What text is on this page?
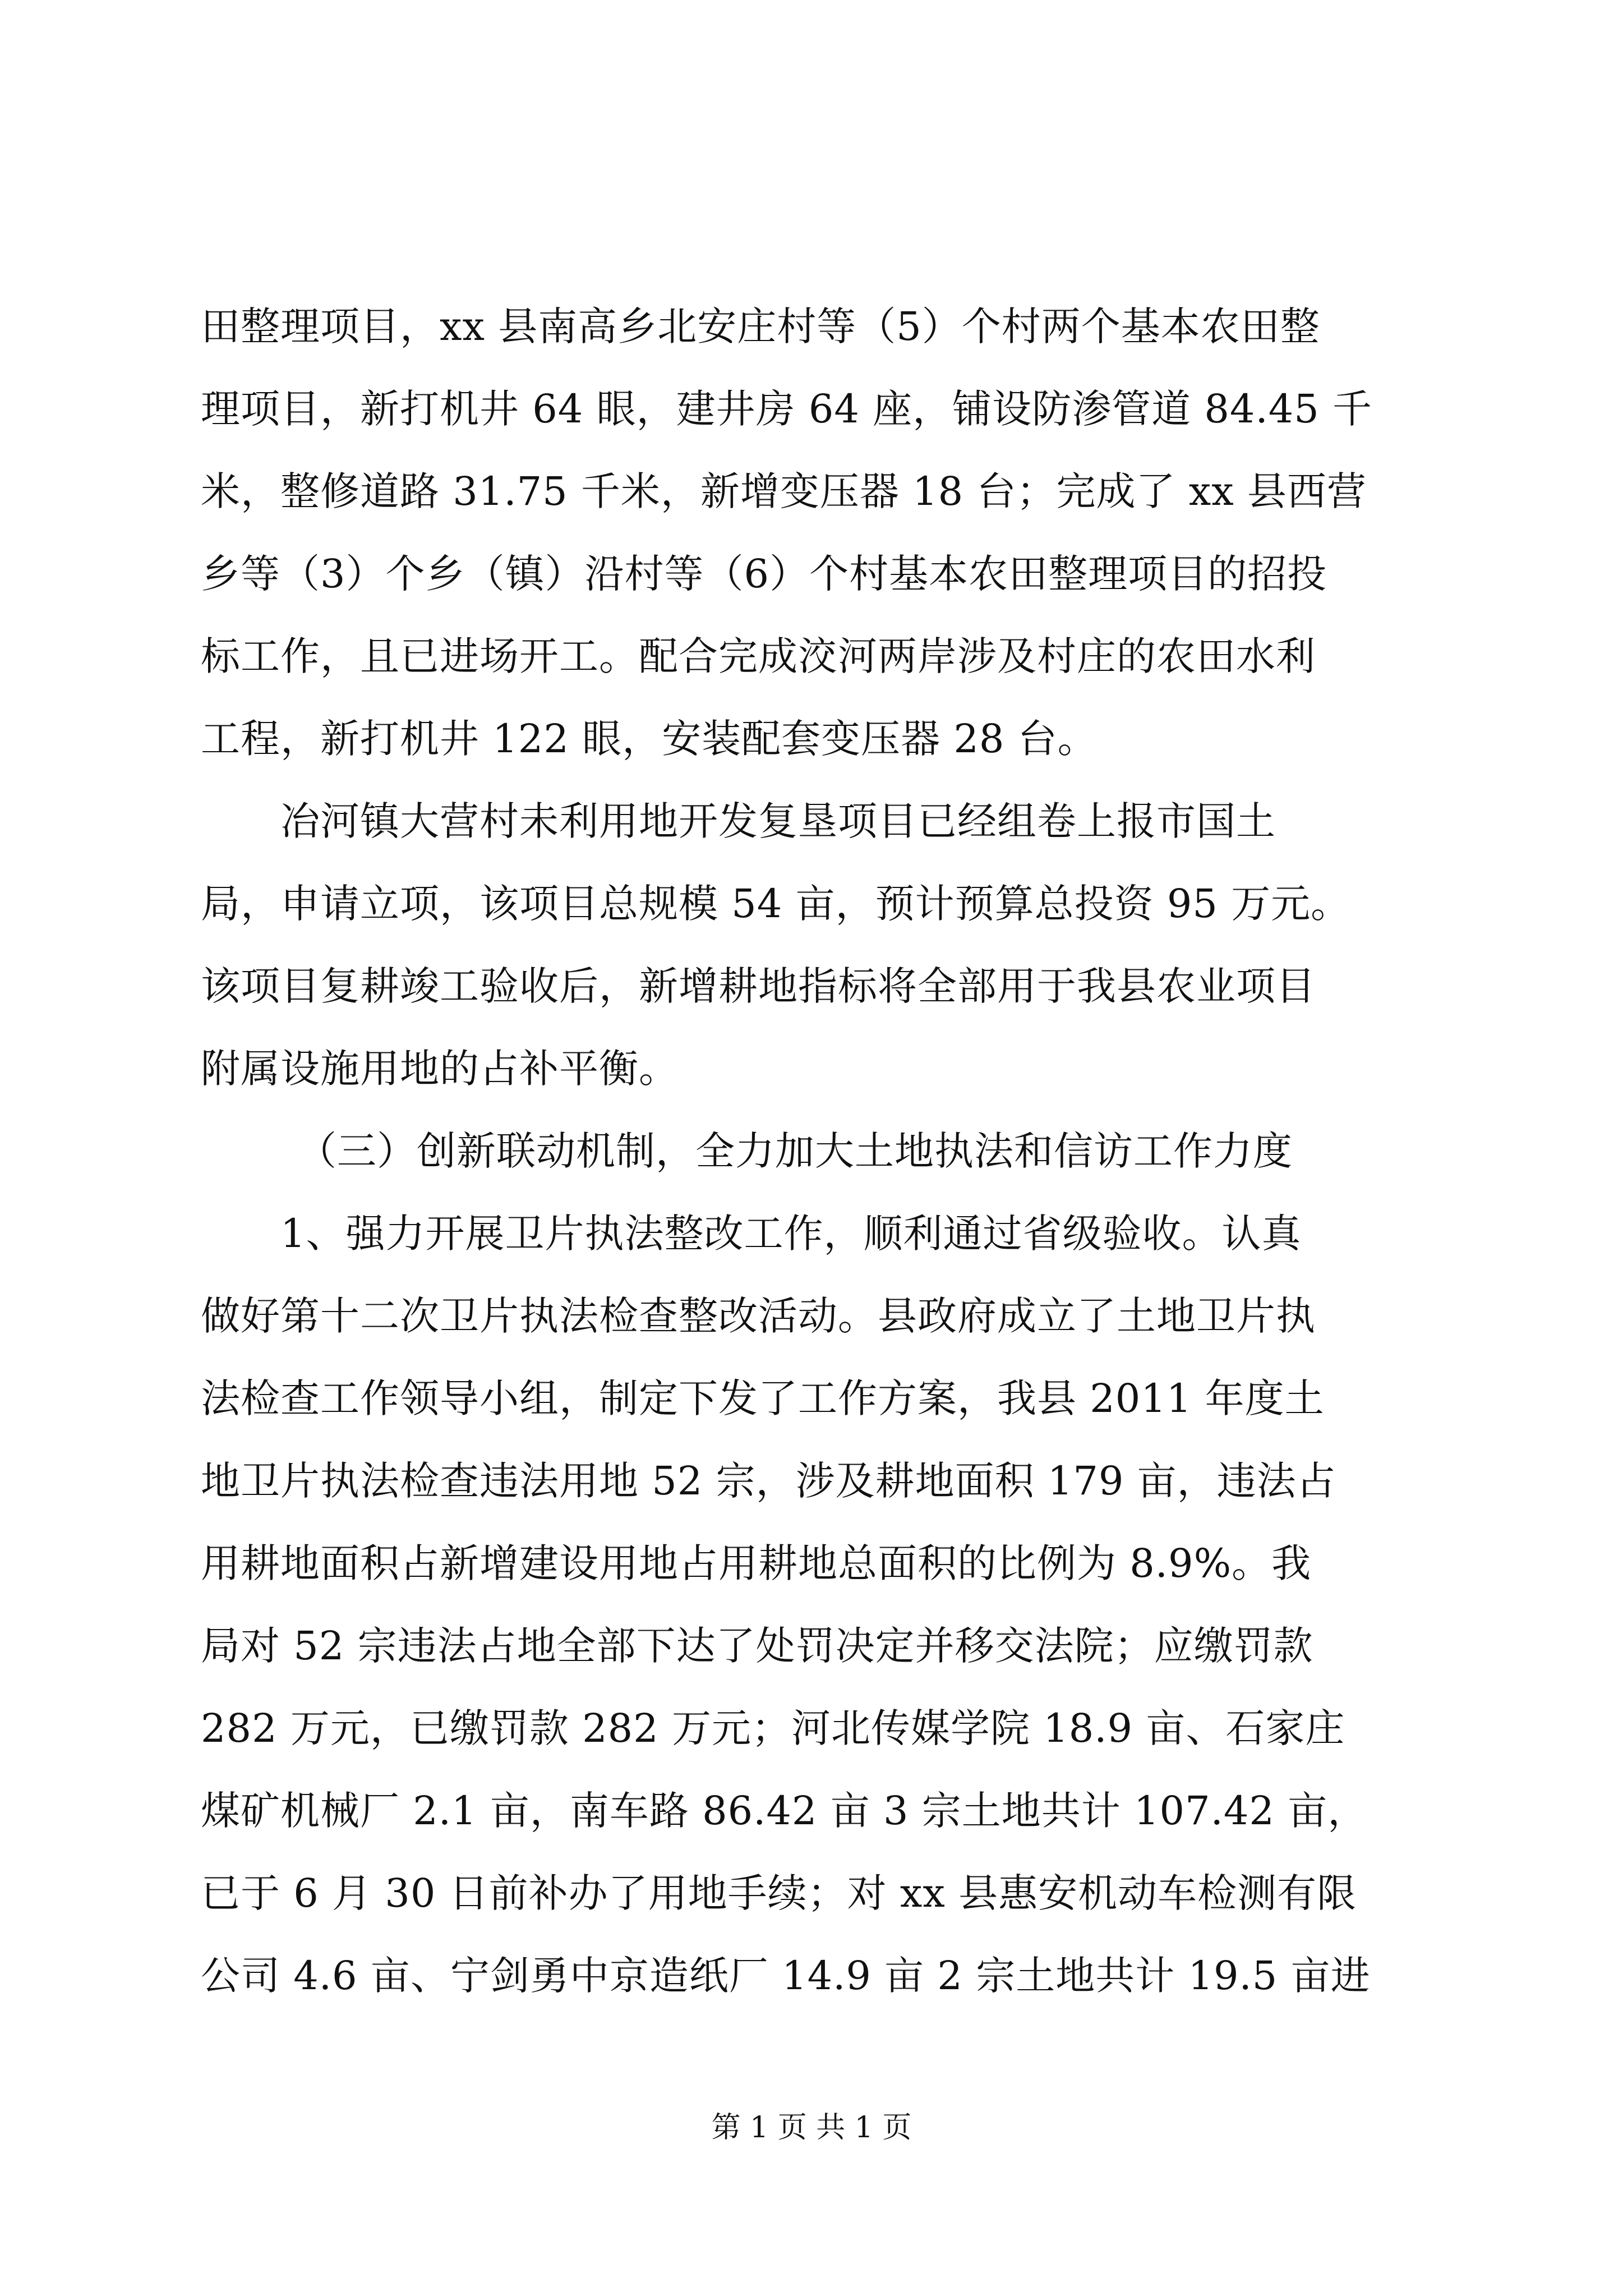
田整理项目，xx 县南高乡北安庄村等（5）个村两个基本农田整
理项目，新打机井 64 眼，建井房 64 座，铺设防渗管道 84.45 千
米，整修道路 31.75 千米，新增变压器 18 台；完成了 xx 县西营
乡等（3）个乡（镇）沿村等（6）个村基本农田整理项目的招投
标工作，且已进场开工。配合完成洨河两岸涉及村庄的农田水利
工程，新打机井 122 眼，安装配套变压器 28 台。
冶河镇大营村未利用地开发复垦项目已经组卷上报市国土
局，申请立项，该项目总规模 54 亩，预计预算总投资 95 万元。
该项目复耕竣工验收后，新增耕地指标将全部用于我县农业项目
附属设施用地的占补平衡。
（三）创新联动机制，全力加大土地执法和信访工作力度
1、强力开展卫片执法整改工作，顺利通过省级验收。认真
做好第十二次卫片执法检查整改活动。县政府成立了土地卫片执
法检查工作领导小组，制定下发了工作方案，我县 2011 年度土
地卫片执法检查违法用地 52 宗，涉及耕地面积 179 亩，违法占
用耕地面积占新增建设用地占用耕地总面积的比例为 8.9%。我
局对 52 宗违法占地全部下达了处罚决定并移交法院；应缴罚款
282 万元，已缴罚款 282 万元；河北传媒学院 18.9 亩、石家庄
煤矿机械厂 2.1 亩，南车路 86.42 亩 3 宗土地共计 107.42 亩，
已于 6 月 30 日前补办了用地手续；对 xx 县惠安机动车检测有限
公司 4.6 亩、宁剑勇中京造纸厂 14.9 亩 2 宗土地共计 19.5 亩进
第 1 页 共 1 页
